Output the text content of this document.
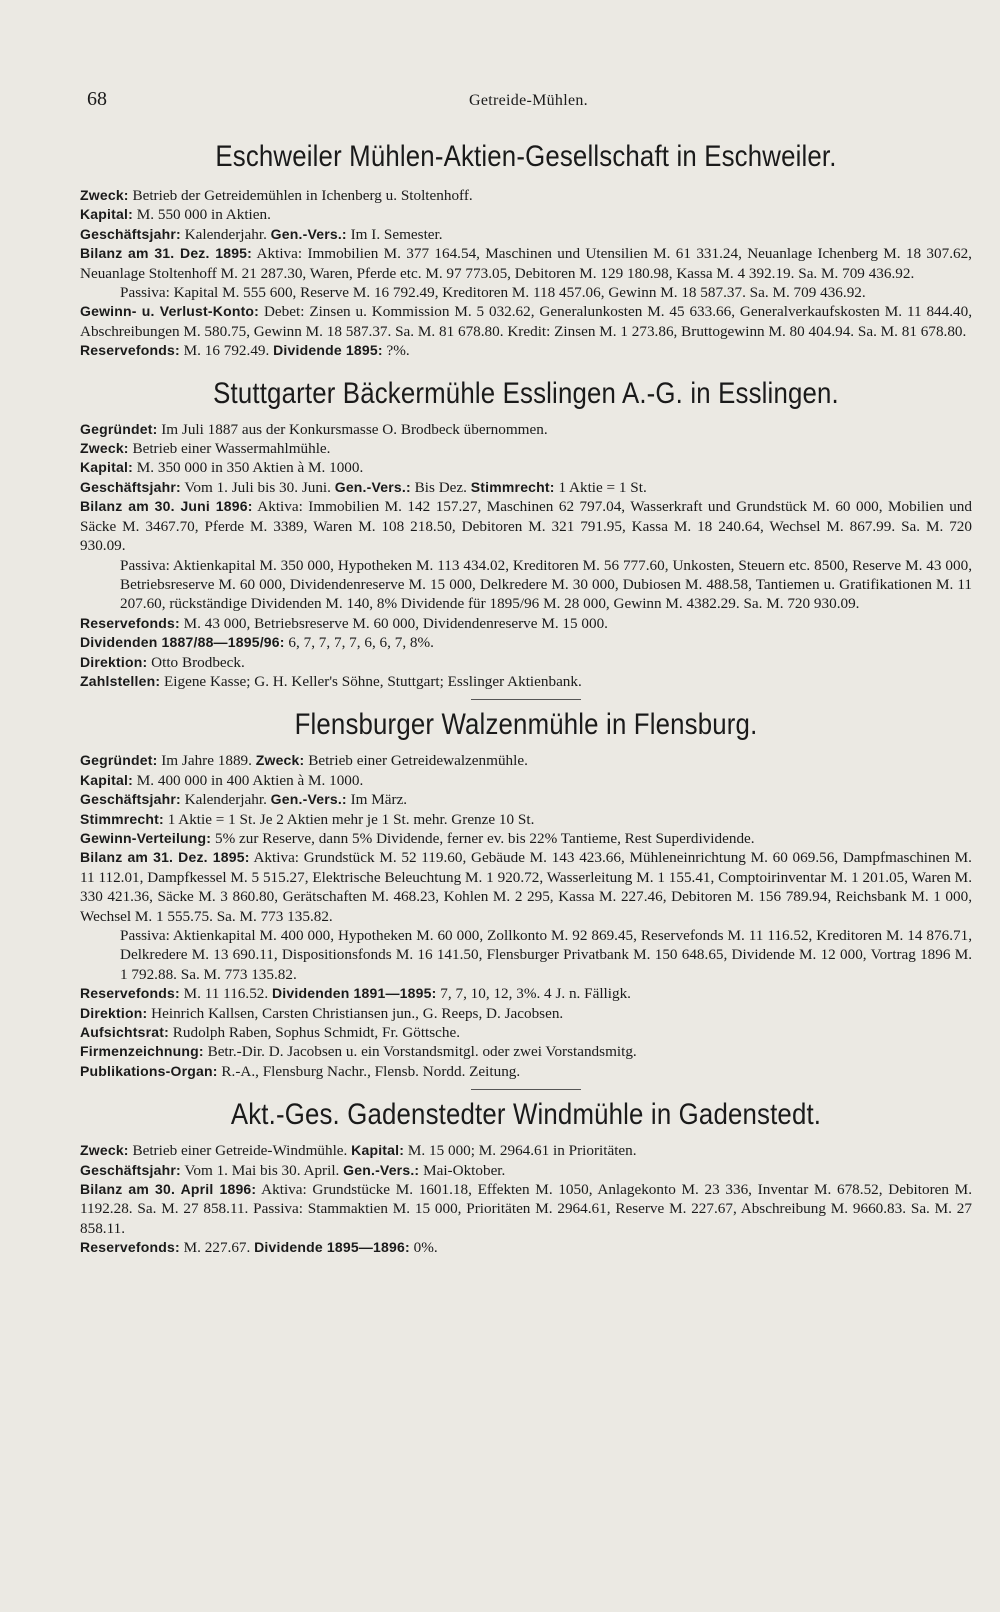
68	Getreide-Mühlen.
Eschweiler Mühlen-Aktien-Gesellschaft in Eschweiler.

Zweck: Betrieb der Getreidemühlen in Ichenberg u. Stoltenhoff.

Kapital: M. 550 000 in Aktien.

Geschäftsjahr: Kalenderjahr. Gen.-Vers.: Im I. Semester.

Bilanz am 31. Dez. 1895: Aktiva: Immobilien M. 377 164.54, Maschinen und Utensilien M. 61 331.24, Neuanlage Ichenberg M. 18 307.62, Neuanlage Stoltenhoff M. 21 287.30, Waren, Pferde etc. M. 97 773.05, Debitoren M. 129 180.98, Kassa M. 4 392.19. Sa. M. 709 436.92.

Passiva: Kapital M. 555 600, Reserve M. 16 792.49, Kreditoren M. 118 457.06, Gewinn M. 18 587.37. Sa. M. 709 436.92.

Gewinn- u. Verlust-Konto: Debet: Zinsen u. Kommission M. 5 032.62, Generalunkosten M. 45 633.66, Generalverkaufskosten M. 11 844.40, Abschreibungen M. 580.75, Gewinn M. 18 587.37. Sa. M. 81 678.80. Kredit: Zinsen M. 1 273.86, Bruttogewinn M. 80 404.94. Sa. M. 81 678.80.

Reservefonds: M. 16 792.49. Dividende 1895: ?%.

Stuttgarter Bäckermühle Esslingen A.-G. in Esslingen.

Gegründet: Im Juli 1887 aus der Konkursmasse O. Brodbeck übernommen.

Zweck: Betrieb einer Wassermahlmühle.

Kapital: M. 350 000 in 350 Aktien à M. 1000.

Geschäftsjahr: Vom 1. Juli bis 30. Juni. Gen.-Vers.: Bis Dez. Stimmrecht: 1 Aktie = 1 St.

Bilanz am 30. Juni 1896: Aktiva: Immobilien M. 142 157.27, Maschinen 62 797.04, Wasserkraft und Grundstück M. 60 000, Mobilien und Säcke M. 3467.70, Pferde M. 3389, Waren M. 108 218.50, Debitoren M. 321 791.95, Kassa M. 18 240.64, Wechsel M. 867.99. Sa. M. 720 930.09.

Passiva: Aktienkapital M. 350 000, Hypotheken M. 113 434.02, Kreditoren M. 56 777.60, Unkosten, Steuern etc. 8500, Reserve M. 43 000, Betriebsreserve M. 60 000, Dividendenreserve M. 15 000, Delkredere M. 30 000, Dubiosen M. 488.58, Tantiemen u. Gratifikationen M. 11 207.60, rückständige Dividenden M. 140, 8% Dividende für 1895/96 M. 28 000, Gewinn M. 4382.29. Sa. M. 720 930.09.

Reservefonds: M. 43 000, Betriebsreserve M. 60 000, Dividendenreserve M. 15 000.

Dividenden 1887/88—1895/96: 6, 7, 7, 7, 7, 6, 6, 7, 8%.

Direktion: Otto Brodbeck.

Zahlstellen: Eigene Kasse; G. H. Keller's Söhne, Stuttgart; Esslinger Aktienbank.

Flensburger Walzenmühle in Flensburg.

Gegründet: Im Jahre 1889. Zweck: Betrieb einer Getreidewalzenmühle.

Kapital: M. 400 000 in 400 Aktien à M. 1000.

Geschäftsjahr: Kalenderjahr. Gen.-Vers.: Im März.

Stimmrecht: 1 Aktie = 1 St. Je 2 Aktien mehr je 1 St. mehr. Grenze 10 St.

Gewinn-Verteilung: 5% zur Reserve, dann 5% Dividende, ferner ev. bis 22% Tantieme, Rest Superdividende.

Bilanz am 31. Dez. 1895: Aktiva: Grundstück M. 52 119.60, Gebäude M. 143 423.66, Mühleneinrichtung M. 60 069.56, Dampfmaschinen M. 11 112.01, Dampfkessel M. 5 515.27, Elektrische Beleuchtung M. 1 920.72, Wasserleitung M. 1 155.41, Comptoirinventar M. 1 201.05, Waren M. 330 421.36, Säcke M. 3 860.80, Gerätschaften M. 468.23, Kohlen M. 2 295, Kassa M. 227.46, Debitoren M. 156 789.94, Reichsbank M. 1 000, Wechsel M. 1 555.75. Sa. M. 773 135.82.

Passiva: Aktienkapital M. 400 000, Hypotheken M. 60 000, Zollkonto M. 92 869.45, Reservefonds M. 11 116.52, Kreditoren M. 14 876.71, Delkredere M. 13 690.11, Dispositionsfonds M. 16 141.50, Flensburger Privatbank M. 150 648.65, Dividende M. 12 000, Vortrag 1896 M. 1 792.88. Sa. M. 773 135.82.

Reservefonds: M. 11 116.52. Dividenden 1891—1895: 7, 7, 10, 12, 3%. 4 J. n. Fälligk.

Direktion: Heinrich Kallsen, Carsten Christiansen jun., G. Reeps, D. Jacobsen.

Aufsichtsrat: Rudolph Raben, Sophus Schmidt, Fr. Göttsche.

Firmenzeichnung: Betr.-Dir. D. Jacobsen u. ein Vorstandsmitgl. oder zwei Vorstandsmitg.

Publikations-Organ: R.-A., Flensburg Nachr., Flensb. Nordd. Zeitung.

Akt.-Ges. Gadenstedter Windmühle in Gadenstedt.

Zweck: Betrieb einer Getreide-Windmühle. Kapital: M. 15 000; M. 2964.61 in Prioritäten.

Geschäftsjahr: Vom 1. Mai bis 30. April. Gen.-Vers.: Mai-Oktober.

Bilanz am 30. April 1896: Aktiva: Grundstücke M. 1601.18, Effekten M. 1050, Anlagekonto M. 23 336, Inventar M. 678.52, Debitoren M. 1192.28. Sa. M. 27 858.11. Passiva: Stammaktien M. 15 000, Prioritäten M. 2964.61, Reserve M. 227.67, Abschreibung M. 9660.83. Sa. M. 27 858.11.

Reservefonds: M. 227.67. Dividende 1895—1896: 0%.
